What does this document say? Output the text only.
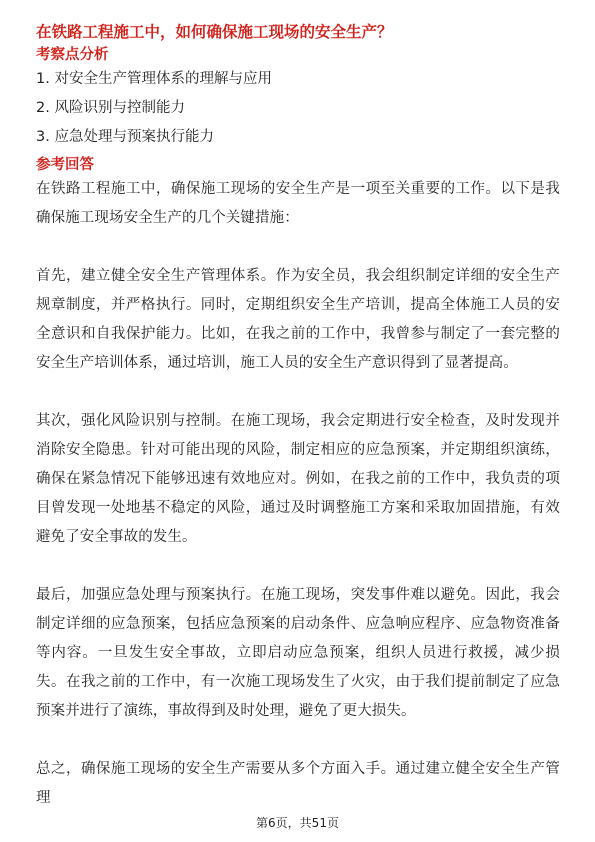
在铁路工程施工中，如何确保施工现场的安全生产？
考察点分析
1. 对安全生产管理体系的理解与应用
2. 风险识别与控制能力
3. 应急处理与预案执行能力
参考回答

在铁路工程施工中，确保施工现场的安全生产是一项至关重要的工作。以下是我确保施工现场安全生产的几个关键措施：

首先，建立健全安全生产管理体系。作为安全员，我会组织制定详细的安全生产规章制度，并严格执行。同时，定期组织安全生产培训，提高全体施工人员的安全意识和自我保护能力。比如，在我之前的工作中，我曾参与制定了一套完整的安全生产培训体系，通过培训，施工人员的安全生产意识得到了显著提高。

其次，强化风险识别与控制。在施工现场，我会定期进行安全检查，及时发现并消除安全隐患。针对可能出现的风险，制定相应的应急预案，并定期组织演练，确保在紧急情况下能够迅速有效地应对。例如，在我之前的工作中，我负责的项目曾发现一处地基不稳定的风险，通过及时调整施工方案和采取加固措施，有效避免了安全事故的发生。

最后，加强应急处理与预案执行。在施工现场，突发事件难以避免。因此，我会制定详细的应急预案，包括应急预案的启动条件、应急响应程序、应急物资准备等内容。一旦发生安全事故，立即启动应急预案，组织人员进行救援，减少损失。在我之前的工作中，有一次施工现场发生了火灾，由于我们提前制定了应急预案并进行了演练，事故得到及时处理，避免了更大损失。

总之，确保施工现场的安全生产需要从多个方面入手。通过建立健全安全生产管理

第6页，共51页
